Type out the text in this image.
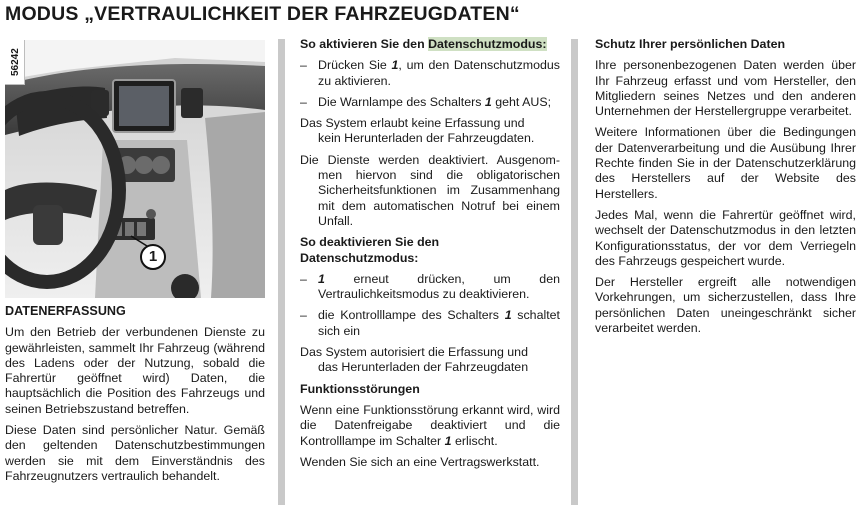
MODUS „VERTRAULICHKEIT DER FAHRZEUGDATEN“
56242
1

DATENERFASSUNG

Um den Betrieb der verbundenen Dienste zu gewährleisten, sammelt Ihr Fahrzeug (während des Ladens oder der Nutzung, sobald die Fahrertür geöffnet wird) Daten, die hauptsächlich die Position des Fahrzeugs und seinen Betriebszustand betreffen.

Diese Daten sind persönlicher Natur. Gemäß den geltenden Datenschutzbestimmungen werden sie mit dem Einverständnis des Fahrzeugnutzers vertraulich behandelt.

So aktivieren Sie den Datenschutzmodus:

– Drücken Sie 1, um den Datenschutzmodus zu aktivieren.
– Die Warnlampe des Schalters 1 geht AUS;

Das System erlaubt keine Erfassung und
kein Herunterladen der Fahrzeugdaten.

Die Dienste werden deaktiviert. Ausgenom- men hiervon sind die obligatorischen Sicherheitsfunktionen im Zusammenhang mit dem automatischen Notruf bei einem Unfall.

So deaktivieren Sie den Datenschutzmodus:

– 1 erneut drücken, um den Vertraulichkeitsmodus zu deaktivieren.
– die Kontrolllampe des Schalters 1 schaltet sich ein

Das System autorisiert die Erfassung und
das Herunterladen der Fahrzeugdaten

Funktionsstörungen

Wenn eine Funktionsstörung erkannt wird, wird die Datenfreigabe deaktiviert und die Kontrolllampe im Schalter 1 erlischt.

Wenden Sie sich an eine Vertragswerkstatt.

Schutz Ihrer persönlichen Daten

Ihre personenbezogenen Daten werden über Ihr Fahrzeug erfasst und vom Hersteller, den Mitgliedern seines Netzes und den anderen Unternehmen der Herstellergruppe verarbeitet.

Weitere Informationen über die Bedingungen der Datenverarbeitung und die Ausübung Ihrer Rechte finden Sie in der Datenschutzerklärung des Herstellers auf der Website des Herstellers.

Jedes Mal, wenn die Fahrertür geöffnet wird, wechselt der Datenschutzmodus in den letzten Konfigurationsstatus, der vor dem Verriegeln des Fahrzeugs gespeichert wurde.

Der Hersteller ergreift alle notwendigen Vorkehrungen, um sicherzustellen, dass Ihre persönlichen Daten uneingeschränkt sicher verarbeitet werden.
